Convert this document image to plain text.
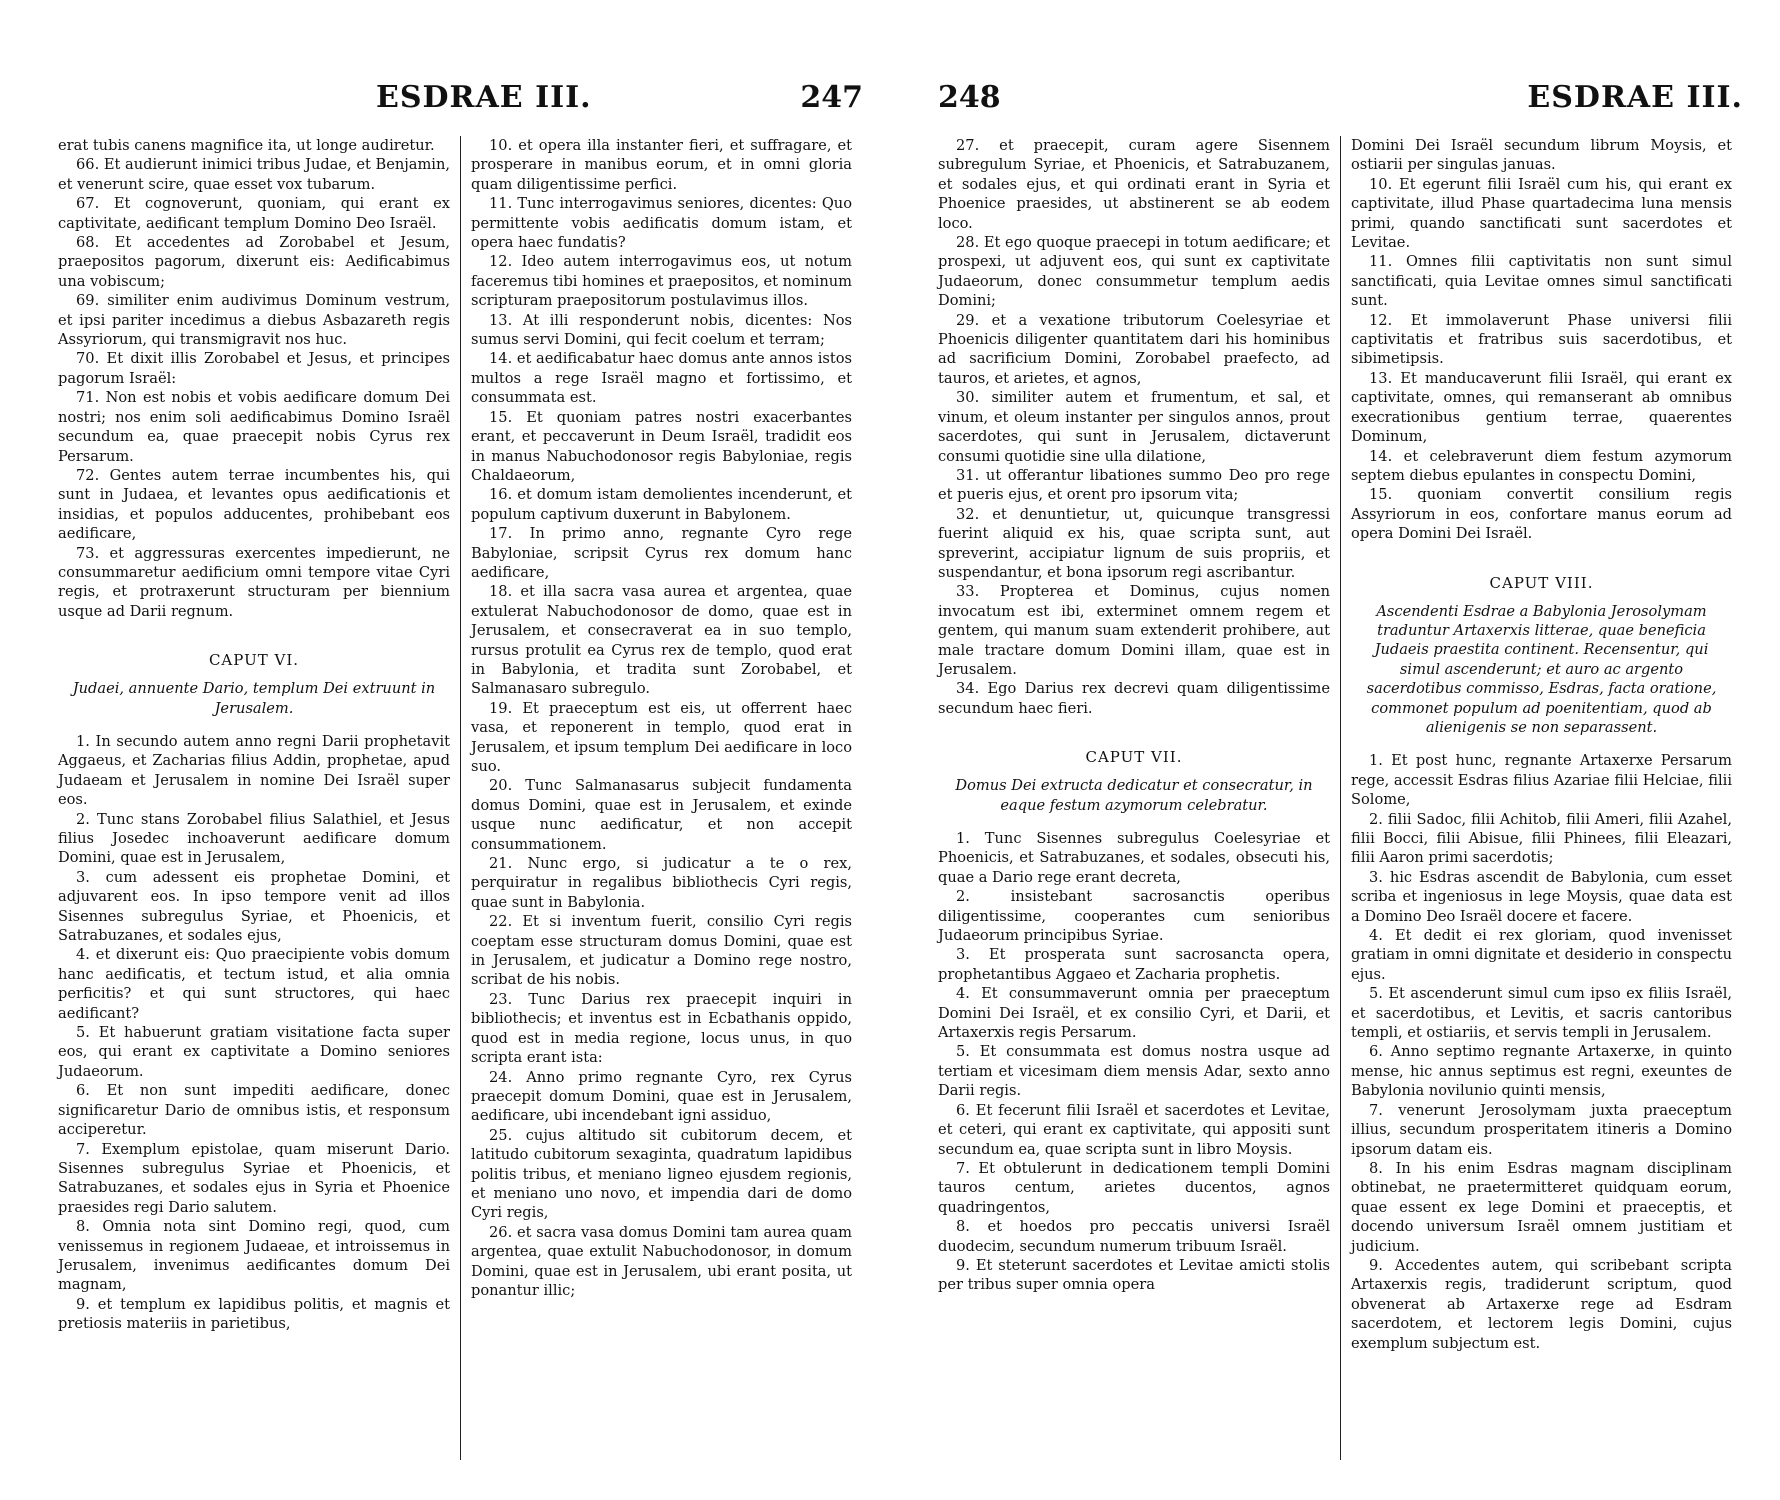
ESDRAE III.	247

erat tubis canens magnifice ita, ut longe audiretur.

66. Et audierunt inimici tribus Judae, et Benjamin, et venerunt scire, quae esset vox tubarum.

67. Et cognoverunt, quoniam, qui erant ex captivitate, aedificant templum Domino Deo Israël.

68. Et accedentes ad Zorobabel et Jesum, praepositos pagorum, dixerunt eis: Aedificabimus una vobiscum;

69. similiter enim audivimus Dominum vestrum, et ipsi pariter incedimus a diebus Asbazareth regis Assyriorum, qui transmigravit nos huc.

70. Et dixit illis Zorobabel et Jesus, et principes pagorum Israël:

71. Non est nobis et vobis aedificare domum Dei nostri; nos enim soli aedificabimus Domino Israël secundum ea, quae praecepit nobis Cyrus rex Persarum.

72. Gentes autem terrae incumbentes his, qui sunt in Judaea, et levantes opus aedificationis et insidias, et populos adducentes, prohibebant eos aedificare,

73. et aggressuras exercentes impedierunt, ne consummaretur aedificium omni tempore vitae Cyri regis, et protraxerunt structuram per biennium usque ad Darii regnum.

CAPUT VI.

Judaei, annuente Dario, templum Dei extruunt in Jerusalem.

1. In secundo autem anno regni Darii prophetavit Aggaeus, et Zacharias filius Addin, prophetae, apud Judaeam et Jerusalem in nomine Dei Israël super eos.

2. Tunc stans Zorobabel filius Salathiel, et Jesus filius Josedec inchoaverunt aedificare domum Domini, quae est in Jerusalem,

3. cum adessent eis prophetae Domini, et adjuvarent eos. In ipso tempore venit ad illos Sisennes subregulus Syriae, et Phoenicis, et Satrabuzanes, et sodales ejus,

4. et dixerunt eis: Quo praecipiente vobis domum hanc aedificatis, et tectum istud, et alia omnia perficitis? et qui sunt structores, qui haec aedificant?

5. Et habuerunt gratiam visitatione facta super eos, qui erant ex captivitate a Domino seniores Judaeorum.

6. Et non sunt impediti aedificare, donec significaretur Dario de omnibus istis, et responsum acciperetur.

7. Exemplum epistolae, quam miserunt Dario. Sisennes subregulus Syriae et Phoenicis, et Satrabuzanes, et sodales ejus in Syria et Phoenice praesides regi Dario salutem.

8. Omnia nota sint Domino regi, quod, cum venissemus in regionem Judaeae, et introissemus in Jerusalem, invenimus aedificantes domum Dei magnam,

9. et templum ex lapidibus politis, et magnis et pretiosis materiis in parietibus,

10. et opera illa instanter fieri, et suffragare, et prosperare in manibus eorum, et in omni gloria quam diligentissime perfici.

11. Tunc interrogavimus seniores, dicentes: Quo permittente vobis aedificatis domum istam, et opera haec fundatis?

12. Ideo autem interrogavimus eos, ut notum faceremus tibi homines et praepositos, et nominum scripturam praepositorum postulavimus illos.

13. At illi responderunt nobis, dicentes: Nos sumus servi Domini, qui fecit coelum et terram;

14. et aedificabatur haec domus ante annos istos multos a rege Israël magno et fortissimo, et consummata est.

15. Et quoniam patres nostri exacerbantes erant, et peccaverunt in Deum Israël, tradidit eos in manus Nabuchodonosor regis Babyloniae, regis Chaldaeorum,

16. et domum istam demolientes incenderunt, et populum captivum duxerunt in Babylonem.

17. In primo anno, regnante Cyro rege Babyloniae, scripsit Cyrus rex domum hanc aedificare,

18. et illa sacra vasa aurea et argentea, quae extulerat Nabuchodonosor de domo, quae est in Jerusalem, et consecraverat ea in suo templo, rursus protulit ea Cyrus rex de templo, quod erat in Babylonia, et tradita sunt Zorobabel, et Salmanasaro subregulo.

19. Et praeceptum est eis, ut offerrent haec vasa, et reponerent in templo, quod erat in Jerusalem, et ipsum templum Dei aedificare in loco suo.

20. Tunc Salmanasarus subjecit fundamenta domus Domini, quae est in Jerusalem, et exinde usque nunc aedificatur, et non accepit consummationem.

21. Nunc ergo, si judicatur a te o rex, perquiratur in regalibus bibliothecis Cyri regis, quae sunt in Babylonia.

22. Et si inventum fuerit, consilio Cyri regis coeptam esse structuram domus Domini, quae est in Jerusalem, et judicatur a Domino rege nostro, scribat de his nobis.

23. Tunc Darius rex praecepit inquiri in bibliothecis; et inventus est in Ecbathanis oppido, quod est in media regione, locus unus, in quo scripta erant ista:

24. Anno primo regnante Cyro, rex Cyrus praecepit domum Domini, quae est in Jerusalem, aedificare, ubi incendebant igni assiduo,

25. cujus altitudo sit cubitorum decem, et latitudo cubitorum sexaginta, quadratum lapidibus politis tribus, et meniano ligneo ejusdem regionis, et meniano uno novo, et impendia dari de domo Cyri regis,

26. et sacra vasa domus Domini tam aurea quam argentea, quae extulit Nabuchodonosor, in domum Domini, quae est in Jerusalem, ubi erant posita, ut ponantur illic;

248	ESDRAE III.

27. et praecepit, curam agere Sisennem subregulum Syriae, et Phoenicis, et Satrabuzanem, et sodales ejus, et qui ordinati erant in Syria et Phoenice praesides, ut abstinerent se ab eodem loco.

28. Et ego quoque praecepi in totum aedificare; et prospexi, ut adjuvent eos, qui sunt ex captivitate Judaeorum, donec consummetur templum aedis Domini;

29. et a vexatione tributorum Coelesyriae et Phoenicis diligenter quantitatem dari his hominibus ad sacrificium Domini, Zorobabel praefecto, ad tauros, et arietes, et agnos,

30. similiter autem et frumentum, et sal, et vinum, et oleum instanter per singulos annos, prout sacerdotes, qui sunt in Jerusalem, dictaverunt consumi quotidie sine ulla dilatione,

31. ut offerantur libationes summo Deo pro rege et pueris ejus, et orent pro ipsorum vita;

32. et denuntietur, ut, quicunque transgressi fuerint aliquid ex his, quae scripta sunt, aut spreverint, accipiatur lignum de suis propriis, et suspendantur, et bona ipsorum regi ascribantur.

33. Propterea et Dominus, cujus nomen invocatum est ibi, exterminet omnem regem et gentem, qui manum suam extenderit prohibere, aut male tractare domum Domini illam, quae est in Jerusalem.

34. Ego Darius rex decrevi quam diligentissime secundum haec fieri.

CAPUT VII.

Domus Dei extructa dedicatur et consecratur, in eaque festum azymorum celebratur.

1. Tunc Sisennes subregulus Coelesyriae et Phoenicis, et Satrabuzanes, et sodales, obsecuti his, quae a Dario rege erant decreta,

2. insistebant sacrosanctis operibus diligentissime, cooperantes cum senioribus Judaeorum principibus Syriae.

3. Et prosperata sunt sacrosancta opera, prophetantibus Aggaeo et Zacharia prophetis.

4. Et consummaverunt omnia per praeceptum Domini Dei Israël, et ex consilio Cyri, et Darii, et Artaxerxis regis Persarum.

5. Et consummata est domus nostra usque ad tertiam et vicesimam diem mensis Adar, sexto anno Darii regis.

6. Et fecerunt filii Israël et sacerdotes et Levitae, et ceteri, qui erant ex captivitate, qui appositi sunt secundum ea, quae scripta sunt in libro Moysis.

7. Et obtulerunt in dedicationem templi Domini tauros centum, arietes ducentos, agnos quadringentos,

8. et hoedos pro peccatis universi Israël duodecim, secundum numerum tribuum Israël.

9. Et steterunt sacerdotes et Levitae amicti stolis per tribus super omnia opera

Domini Dei Israël secundum librum Moysis, et ostiarii per singulas januas.

10. Et egerunt filii Israël cum his, qui erant ex captivitate, illud Phase quartadecima luna mensis primi, quando sanctificati sunt sacerdotes et Levitae.

11. Omnes filii captivitatis non sunt simul sanctificati, quia Levitae omnes simul sanctificati sunt.

12. Et immolaverunt Phase universi filii captivitatis et fratribus suis sacerdotibus, et sibimetipsis.

13. Et manducaverunt filii Israël, qui erant ex captivitate, omnes, qui remanserant ab omnibus execrationibus gentium terrae, quaerentes Dominum,

14. et celebraverunt diem festum azymorum septem diebus epulantes in conspectu Domini,

15. quoniam convertit consilium regis Assyriorum in eos, confortare manus eorum ad opera Domini Dei Israël.

CAPUT VIII.

Ascendenti Esdrae a Babylonia Jerosolymam traduntur Artaxerxis litterae, quae beneficia Judaeis praestita continent. Recensentur, qui simul ascenderunt; et auro ac argento sacerdotibus commisso, Esdras, facta oratione, commonet populum ad poenitentiam, quod ab alienigenis se non separassent.

1. Et post hunc, regnante Artaxerxe Persarum rege, accessit Esdras filius Azariae filii Helciae, filii Solome,

2. filii Sadoc, filii Achitob, filii Ameri, filii Azahel, filii Bocci, filii Abisue, filii Phinees, filii Eleazari, filii Aaron primi sacerdotis;

3. hic Esdras ascendit de Babylonia, cum esset scriba et ingeniosus in lege Moysis, quae data est a Domino Deo Israël docere et facere.

4. Et dedit ei rex gloriam, quod invenisset gratiam in omni dignitate et desiderio in conspectu ejus.

5. Et ascenderunt simul cum ipso ex filiis Israël, et sacerdotibus, et Levitis, et sacris cantoribus templi, et ostiariis, et servis templi in Jerusalem.

6. Anno septimo regnante Artaxerxe, in quinto mense, hic annus septimus est regni, exeuntes de Babylonia novilunio quinti mensis,

7. venerunt Jerosolymam juxta praeceptum illius, secundum prosperitatem itineris a Domino ipsorum datam eis.

8. In his enim Esdras magnam disciplinam obtinebat, ne praetermitteret quidquam eorum, quae essent ex lege Domini et praeceptis, et docendo universum Israël omnem justitiam et judicium.

9. Accedentes autem, qui scribebant scripta Artaxerxis regis, tradiderunt scriptum, quod obvenerat ab Artaxerxe rege ad Esdram sacerdotem, et lectorem legis Domini, cujus exemplum subjectum est.
